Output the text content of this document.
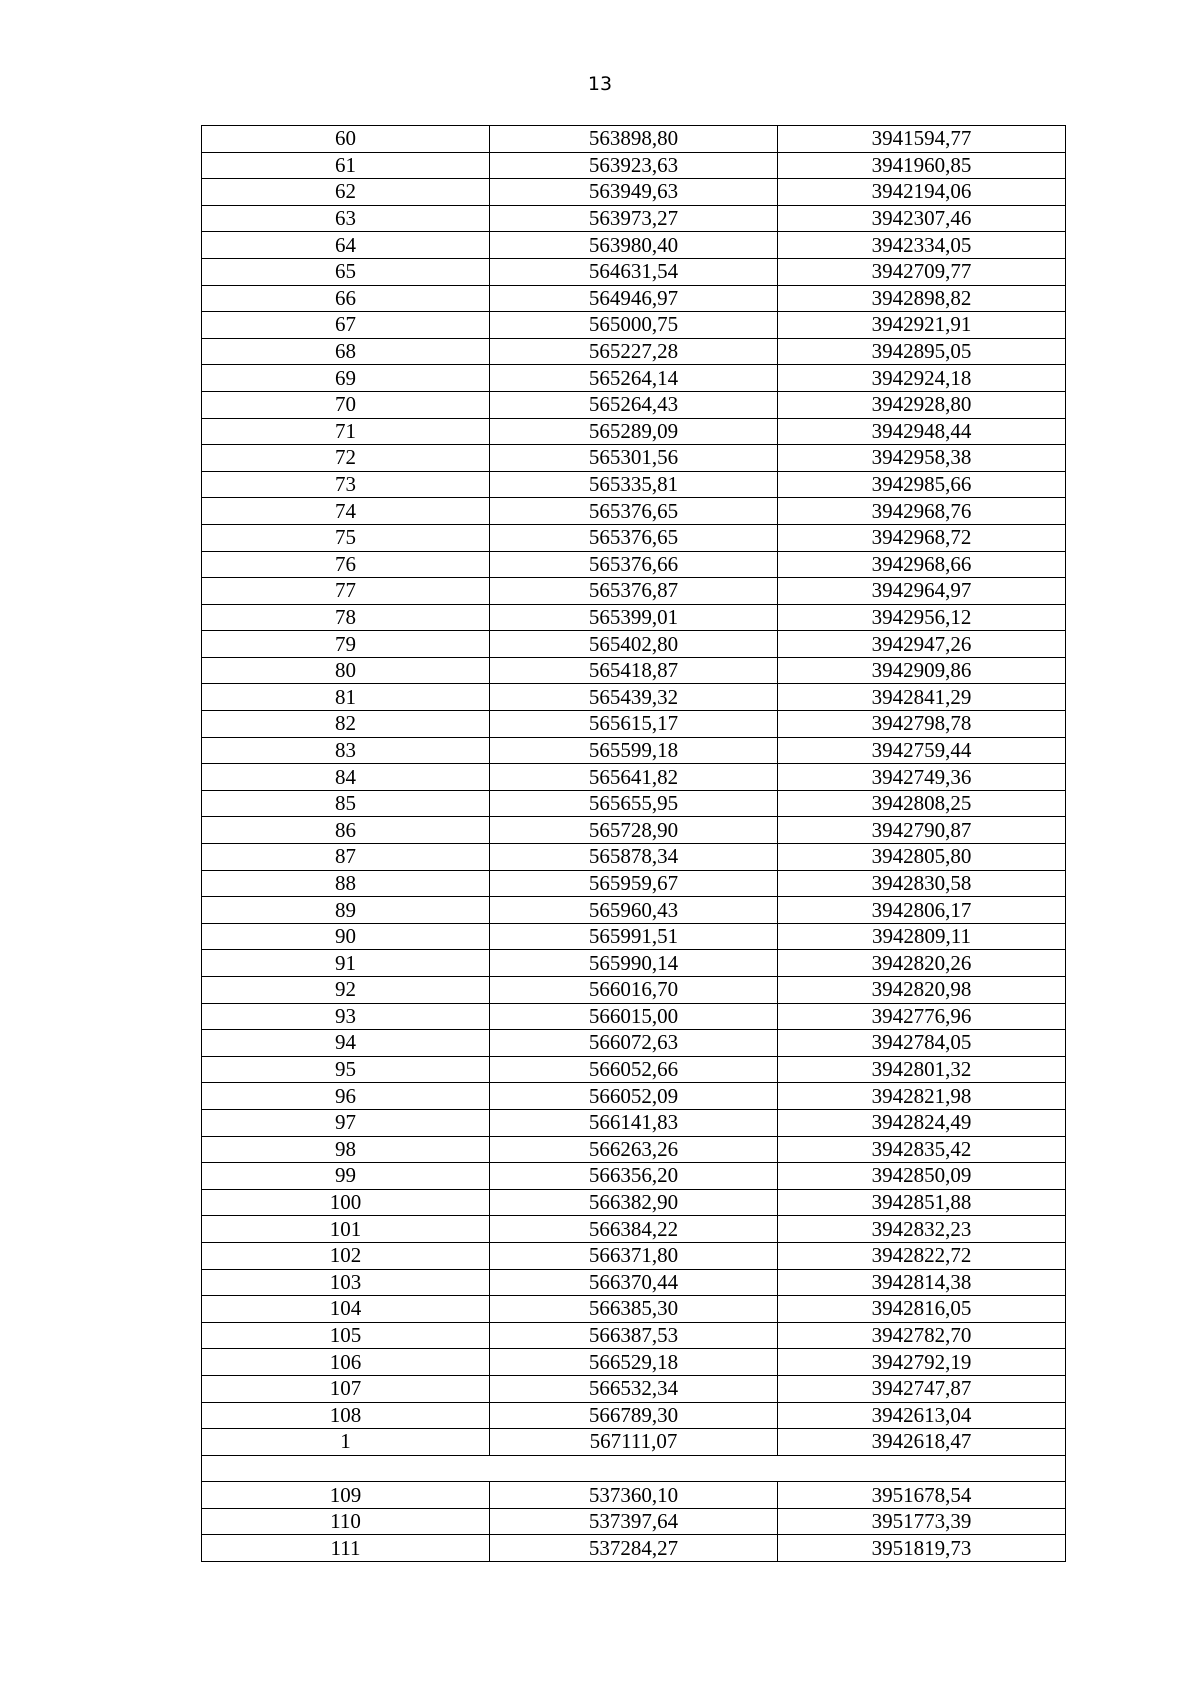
13
60	563898,80	3941594,77
61	563923,63	3941960,85
62	563949,63	3942194,06
63	563973,27	3942307,46
64	563980,40	3942334,05
65	564631,54	3942709,77
66	564946,97	3942898,82
67	565000,75	3942921,91
68	565227,28	3942895,05
69	565264,14	3942924,18
70	565264,43	3942928,80
71	565289,09	3942948,44
72	565301,56	3942958,38
73	565335,81	3942985,66
74	565376,65	3942968,76
75	565376,65	3942968,72
76	565376,66	3942968,66
77	565376,87	3942964,97
78	565399,01	3942956,12
79	565402,80	3942947,26
80	565418,87	3942909,86
81	565439,32	3942841,29
82	565615,17	3942798,78
83	565599,18	3942759,44
84	565641,82	3942749,36
85	565655,95	3942808,25
86	565728,90	3942790,87
87	565878,34	3942805,80
88	565959,67	3942830,58
89	565960,43	3942806,17
90	565991,51	3942809,11
91	565990,14	3942820,26
92	566016,70	3942820,98
93	566015,00	3942776,96
94	566072,63	3942784,05
95	566052,66	3942801,32
96	566052,09	3942821,98
97	566141,83	3942824,49
98	566263,26	3942835,42
99	566356,20	3942850,09
100	566382,90	3942851,88
101	566384,22	3942832,23
102	566371,80	3942822,72
103	566370,44	3942814,38
104	566385,30	3942816,05
105	566387,53	3942782,70
106	566529,18	3942792,19
107	566532,34	3942747,87
108	566789,30	3942613,04
1	567111,07	3942618,47

109	537360,10	3951678,54
110	537397,64	3951773,39
111	537284,27	3951819,73
